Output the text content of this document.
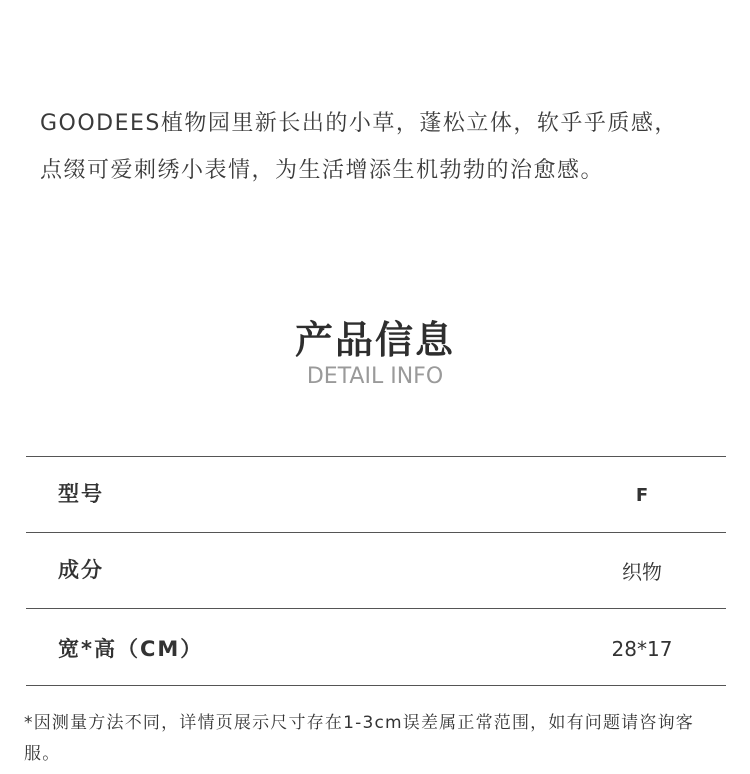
GOODEES植物园里新长出的小草，蓬松立体，软乎乎质感，

点缀可爱刺绣小表情，为生活增添生机勃勃的治愈感。

产品信息
DETAIL INFO
型号	F
成分	织物
宽*高（CM）	28*17
*因测量方法不同，详情页展示尺寸存在1-3cm误差属正常范围，如有问题请咨询客服。
